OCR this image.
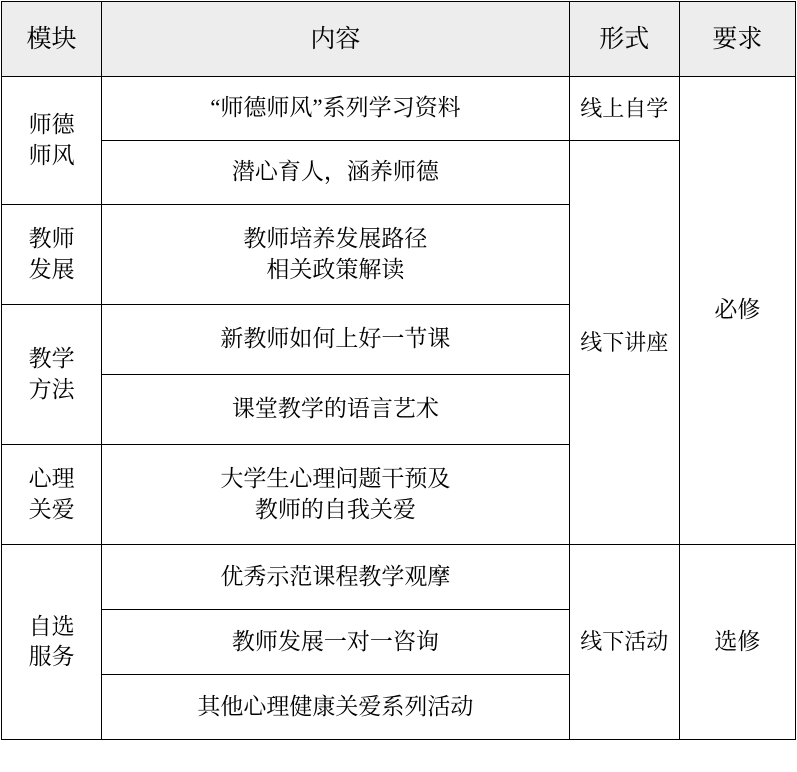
模块	内容	形式	要求

师德
师风	“师德师风”系列学习资料	线上自学	必修
	潜心育人，涵养师德	线下讲座	

教师
发展	教师培养发展路径
相关政策解读		

教学
方法	新教师如何上好一节课		
	课堂教学的语言艺术		

心理
关爱	大学生心理问题干预及
教师的自我关爱		

自选
服务	优秀示范课程教学观摩	线下活动	选修
	教师发展一对一咨询		
	其他心理健康关爱系列活动		
